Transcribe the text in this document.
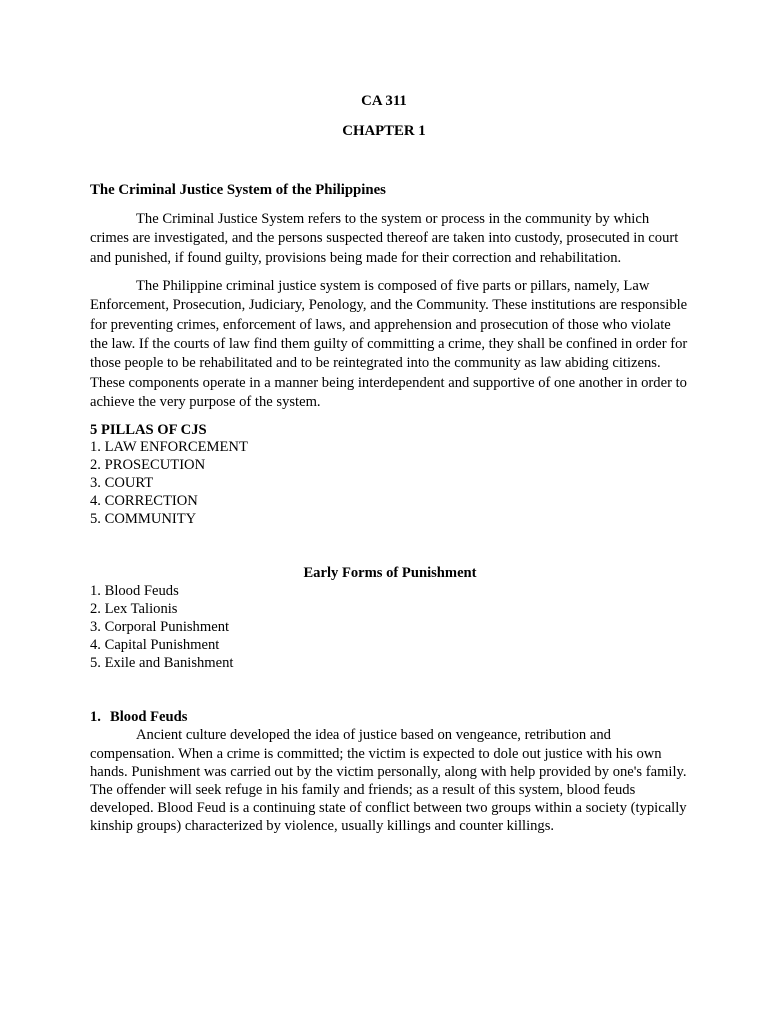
CA 311
CHAPTER 1
The Criminal Justice System of the Philippines

The Criminal Justice System refers to the system or process in the community by which crimes are investigated, and the persons suspected thereof are taken into custody, prosecuted in court and punished, if found guilty, provisions being made for their correction and rehabilitation.

The Philippine criminal justice system is composed of five parts or pillars, namely, Law Enforcement, Prosecution, Judiciary, Penology, and the Community. These institutions are responsible for preventing crimes, enforcement of laws, and apprehension and prosecution of those who violate the law. If the courts of law find them guilty of committing a crime, they shall be confined in order for those people to be rehabilitated and to be reintegrated into the community as law abiding citizens. These components operate in a manner being interdependent and supportive of one another in order to achieve the very purpose of the system.

5 PILLAS OF CJS
1. LAW ENFORCEMENT
2. PROSECUTION
3. COURT
4. CORRECTION
5. COMMUNITY
Early Forms of Punishment
1. Blood Feuds
2. Lex Talionis
3. Corporal Punishment
4. Capital Punishment
5. Exile and Banishment
1. Blood Feuds

Ancient culture developed the idea of justice based on vengeance, retribution and compensation. When a crime is committed; the victim is expected to dole out justice with his own hands. Punishment was carried out by the victim personally, along with help provided by one's family. The offender will seek refuge in his family and friends; as a result of this system, blood feuds developed. Blood Feud is a continuing state of conflict between two groups within a society (typically kinship groups) characterized by violence, usually killings and counter killings.
